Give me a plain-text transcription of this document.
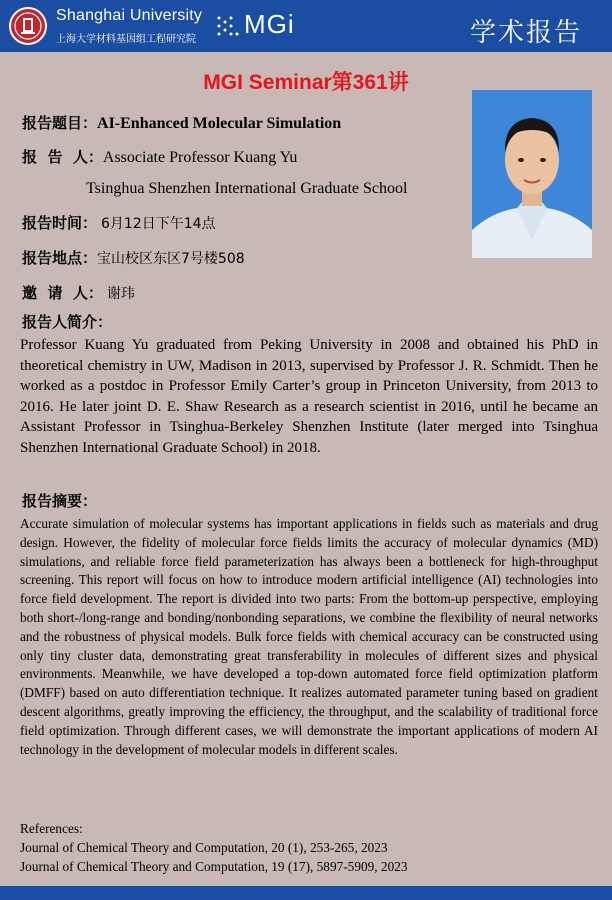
Shanghai University
上海大学材料基因组工程研究院
MGi	学术报告
MGI Seminar第361讲
报告题目：AI-Enhanced Molecular Simulation
报  告  人：Associate Professor Kuang Yu
Tsinghua Shenzhen International Graduate School
报告时间： 6月12日下午14点
报告地点：宝山校区东区7号楼508
邀  请  人： 谢玮
报告人简介：
Professor Kuang Yu graduated from Peking University in 2008 and obtained his PhD in theoretical chemistry in UW, Madison in 2013, supervised by Professor J. R. Schmidt. Then he worked as a postdoc in Professor Emily Carter’s group in Princeton University, from 2013 to 2016. He later joint D. E. Shaw Research as a research scientist in 2016, until he became an Assistant Professor in Tsinghua-Berkeley Shenzhen Institute (later merged into Tsinghua Shenzhen International Graduate School) in 2018.
报告摘要：
Accurate simulation of molecular systems has important applications in fields such as materials and drug design. However, the fidelity of molecular force fields limits the accuracy of molecular dynamics (MD) simulations, and reliable force field parameterization has always been a bottleneck for high-throughput screening. This report will focus on how to introduce modern artificial intelligence (AI) technologies into force field development. The report is divided into two parts: From the bottom-up perspective, employing both short-/long-range and bonding/nonbonding separations, we combine the flexibility of neural networks and the robustness of physical models. Bulk force fields with chemical accuracy can be constructed using only tiny cluster data, demonstrating great transferability in molecules of different sizes and physical environments. Meanwhile, we have developed a top-down automated force field optimization platform (DMFF) based on auto differentiation technique. It realizes automated parameter tuning based on gradient descent algorithms, greatly improving the efficiency, the throughput, and the scalability of traditional force field optimization. Through different cases, we will demonstrate the important applications of modern AI technology in the development of molecular models in different scales.
References:
Journal of Chemical Theory and Computation, 20 (1), 253-265, 2023
Journal of Chemical Theory and Computation, 19 (17), 5897-5909, 2023
